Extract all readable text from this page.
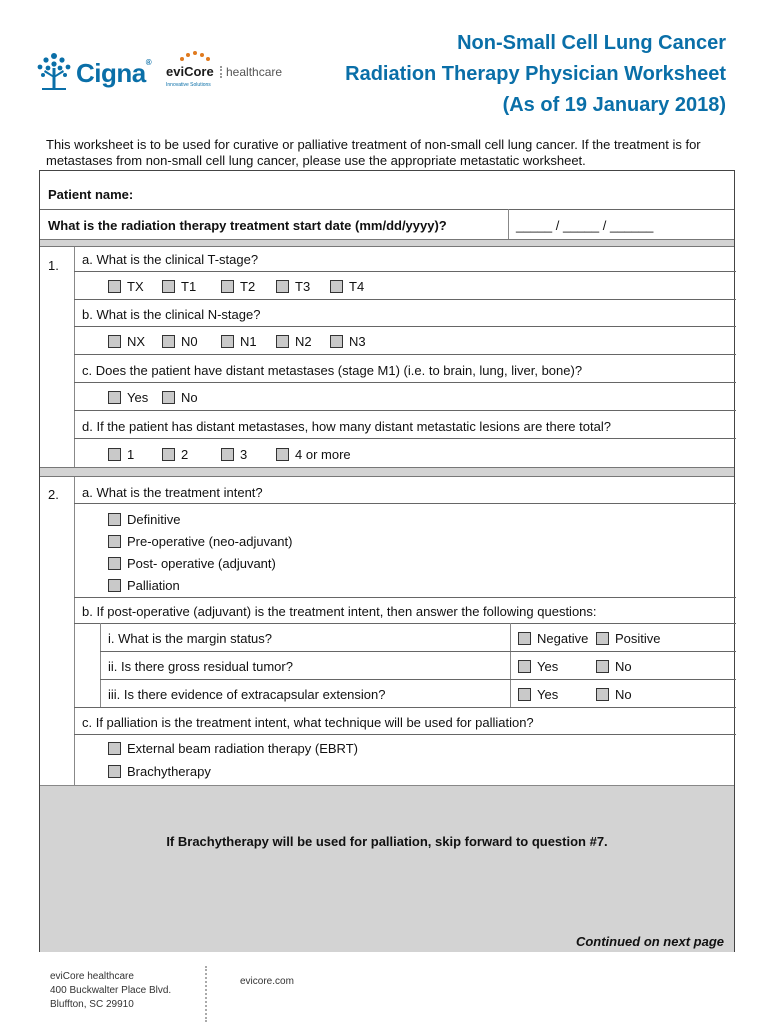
Cigna®
eviCore healthcare
Innovative Solutions
Non-Small Cell Lung Cancer
Radiation Therapy Physician Worksheet
(As of 19 January 2018)
This worksheet is to be used for curative or palliative treatment of non-small cell lung cancer. If the treatment is for metastases from non-small cell lung cancer, please use the appropriate metastatic worksheet.
Patient name:
What is the radiation therapy treatment start date (mm/dd/yyyy)?	_____ / _____ / ______
1. a. What is the clinical T-stage?
TX	T1	T2	T3	T4
b. What is the clinical N-stage?
NX	N0	N1	N2	N3
c. Does the patient have distant metastases (stage M1) (i.e. to brain, lung, liver, bone)?
Yes	No
d. If the patient has distant metastases, how many distant metastatic lesions are there total?
1	2	3	4 or more
2. a. What is the treatment intent?
Definitive
Pre-operative (neo-adjuvant)
Post- operative (adjuvant)
Palliation
b. If post-operative (adjuvant) is the treatment intent, then answer the following questions:
i. What is the margin status?	Negative	Positive
ii. Is there gross residual tumor?	Yes	No
iii. Is there evidence of extracapsular extension?	Yes	No
c. If palliation is the treatment intent, what technique will be used for palliation?
External beam radiation therapy (EBRT)
Brachytherapy
If Brachytherapy will be used for palliation, skip forward to question #7.
Continued on next page
eviCore healthcare
400 Buckwalter Place Blvd.
Bluffton, SC 29910
evicore.com
